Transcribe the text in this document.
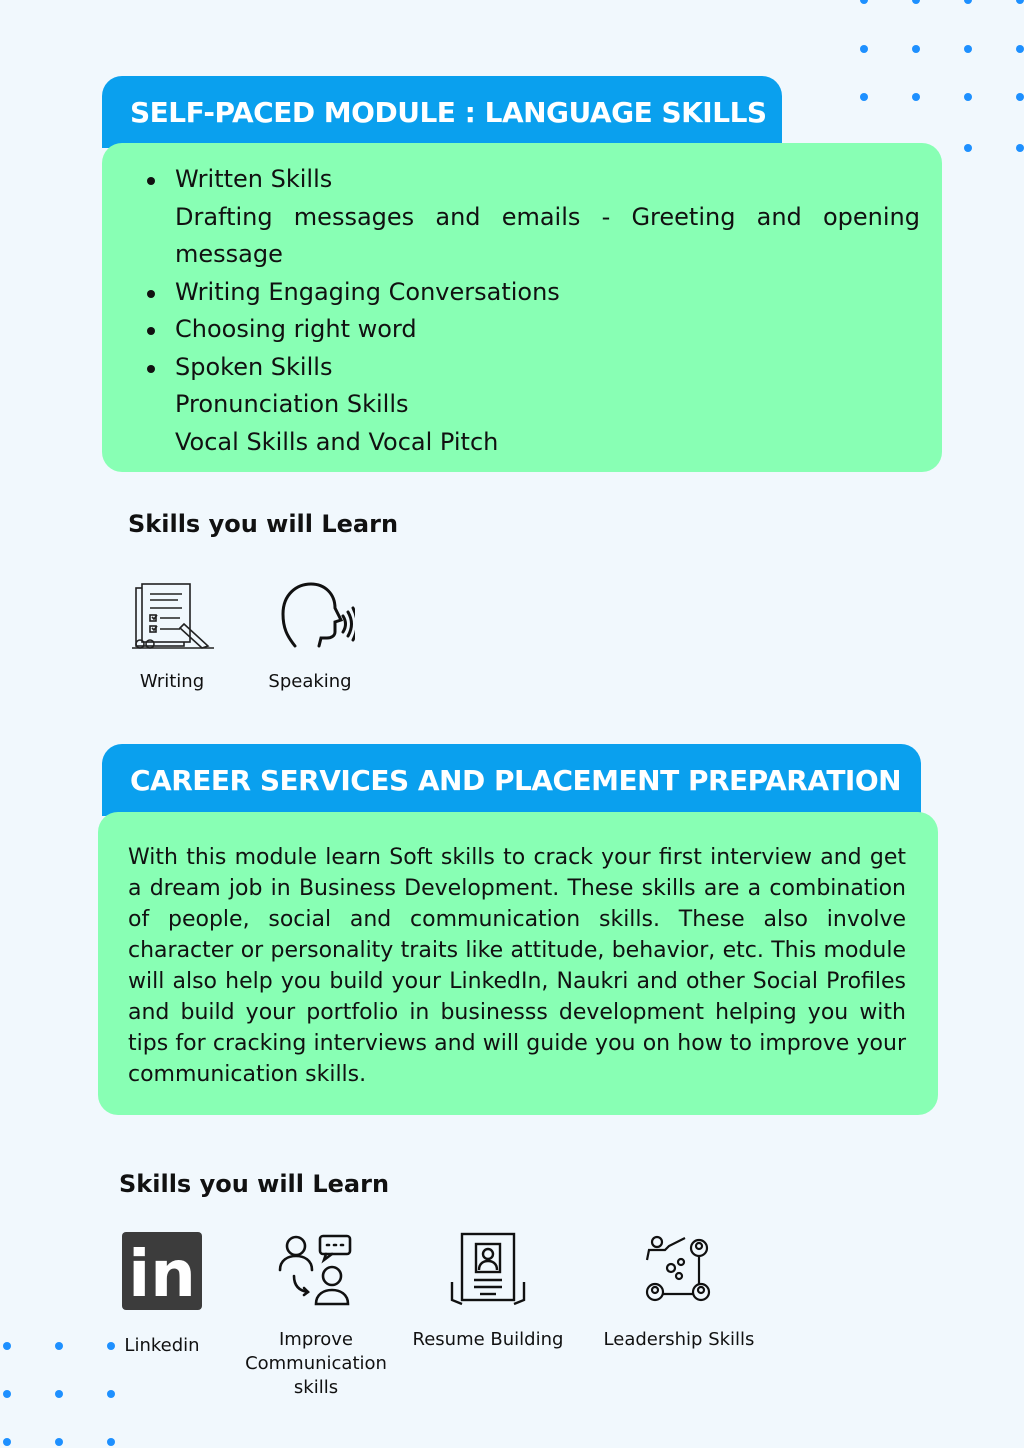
SELF-PACED MODULE : LANGUAGE SKILLS
Written Skills
Drafting messages and emails - Greeting and opening message
Writing Engaging Conversations
Choosing right word
Spoken Skills
Pronunciation Skills
Vocal Skills and Vocal Pitch
Skills you will Learn
Writing	Speaking
CAREER SERVICES AND PLACEMENT PREPARATION

With this module learn Soft skills to crack your first interview and get a dream job in Business Development. These skills are a combination of people, social and communication skills. These also involve character or personality traits like attitude, behavior, etc. This module will also help you build your LinkedIn, Naukri and other Social Profiles and build your portfolio in businesss development helping you with tips for cracking interviews and will guide you on how to improve your communication skills.

Skills you will Learn
in
Linkedin	Improve Communication skills
Resume Building	Leadership Skills
